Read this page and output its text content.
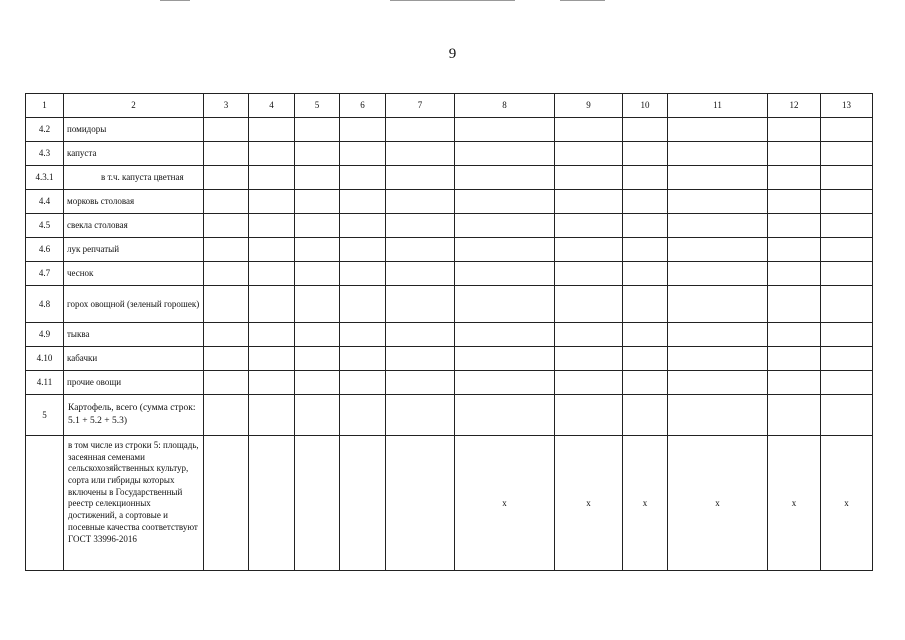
9
1	2	3	4	5	6	7	8	9	10	11	12	13
4.2	помидоры											
4.3	капуста											
4.3.1	в т.ч. капуста цветная											
4.4	морковь столовая											
4.5	свекла столовая											
4.6	лук репчатый											
4.7	чеснок											
4.8	горох овощной (зеленый горошек)											
4.9	тыква											
4.10	кабачки											
4.11	прочие овощи											
5	Картофель, всего (сумма строк: 5.1 + 5.2 + 5.3)											
	в том числе из строки 5: площадь, засеянная семенами сельскохозяйственных культур, сорта или гибриды которых включены в Государственный реестр селекционных достижений, а сортовые и посевные качества соответствуют ГОСТ 33996-2016						x	x	x	x	x	x
